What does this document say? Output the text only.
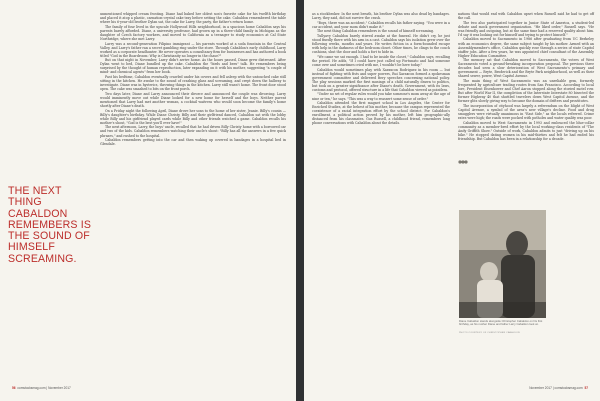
unmentioned whipped cream frosting. Diane had baked her oldest son's favorite cake for his twelfth birthday and placed it atop a plastic, carnation-crystal cake tray before setting the cake. Cabaldon remembered the table where his 6-year-old brother Dylan sat, the cake for Larry, the party, the father's return home.

The family of four lived in the upscale Hollywood Hills neighborhood, in a spacious home Cabaldon says his parents barely afforded. Diane, a university professor, had grown up in a three-child family in Michigan as the daughter of Czech factory workers, and moved to California as a teenager to study economics at Cal State Northridge, where she met Larry.

Larry was a second-generation Filipino immigrant — his parents worked at a soda fountain in the Central Valley, and Larry's father ran a secret gambling ring under the store. Through Cabaldon's early childhood, Larry worked as a corporate headhunter. He never operates a consultancy firm for businesses and has authored a book titled "God in the Boardroom: Why is Christianity no longer in the chase?"

But on that night in November, Larry didn't arrive home. As the hours passed, Diane grew distressed. After Dylan went to bed, Diane bundled up the cake. Cabaldon the "birds and bees" talk. He remembers being surprised by the thought of human reproduction, later expanding on it with his mother, suggesting "a couple of mind- and chemical agents" from her book.

Past his bedtime, Cabaldon eventually crawled under his covers and fell asleep with the untouched cake still sitting in the kitchen. He awoke to the sound of crashing glass and screaming, and crept down the hallway to investigate. Diane was in hysterics, throwing things in the kitchen. Larry still wasn't home. The front door stood open. The cake was smashed to bits on the front porch.

Two days later, Diane and Larry announced their divorce and announced the couple was divorcing. Larry would imminently move out while Diane looked for a new home for herself and the boys. Neither parent mentioned that Larry had met another woman, a cocktail waitress who would soon become the family's home shortly after Diane's death.

On a Friday night the following April, Diane drove her sons to the home of her sister, Jeanie. Billy's cousin — Billy's daughter's birthday. While Diane Christy, Billy and their girlfriend danced, Cabaldon sat with the lobby while Billy and his girlfriend played cards while Billy and other friends watched a game. Cabaldon recalls his mother's shout, "God is the best you'll ever have!"

The next afternoon, Larry, the boys' uncle, recalled that he had driven Billy Christy home with a borrowed car and two of the kids. Cabaldon remembers watching their uncle's shout: "Billy has all the answers in a few quick phrases," and rushed to the hospital.

Cabaldon remembers getting into the car and then waking up covered in bandages in a hospital bed in Glendale.

THE NEXT THING CABALDON REMEMBERS IS THE SOUND OF HIMSELF SCREAMING.
56 comstocksmag.com | November 2017

as a stockbroker. In the next breath, his brother Dylan was also dead by bandages. Larry, they said, did not survive the crash.

"Boys, there was an accident," Cabaldon recalls his father saying. "You were in a car accident, and your mom didn't make it."

The next thing Cabaldon remembers is the sound of himself screaming.

Tullyavy Cabaldon barely stirred awake at the funeral. He didn't cry, he just stood fixedly there with his arm in a cast. Cabaldon says his isolation grew over the following weeks, months and years. He writes fiction in a form-bounded escape with help in the darkness of the bedroom closet. Other times, he clings to the couch cushions, shut the door and holds a fort to hide in.

"We came we sat enough. I had to be inside the closet," Cabaldon says, recalling the period. He adds, "If I could have just called up Fortunato and had someone come over and sometimes cried with me, I wouldn't be here today."

Cabaldon would sometimes play with Xaraxcon Rodriguez in his room — but instead of fighting with fists and super powers, Rui Xaraxcon formed a spokesman government committee and delivered fiery speeches concerning national policy. The play sessions marked the first musings of a child naturally drawn to politics, but took on a greater significance after Diane's death. Government, with its laws, customs and protocol, offered structure in a life that Cabaldon viewed as pointless.

"Under no set of regular rules would you take someone's mom away at the age of nine or ten," he says. "This was a way to reassert some sense of order."

Cabaldon attended the first magnet school in Los Angeles, the Center for Enriched Studies, at the behest of his mother, because the campus represented the coexistence of a racial integration effort by the school district. For Cabaldon's enrollment, a political action proved by his mother, left him geographic-ally distanced from his classmates. Gus Russell, a childhood friend, remembers long phone conversations with Cabaldon about the details.

nations that would end with Cabaldon upset when Russell said he had to get off the call.

The two also participated together in Junior State of America, a student-led debate and mock government organization. "He liked order," Russell says. "He was friendly and outgoing, but at the same time had a reserved quality about him. I'd say it was looking out for himself and trying to protect himself."

Cabaldon moved to Sacramento in 1986 after graduating from UC Berkeley with an economics degree, the same subject taught by his mother. Armed with an Assemblymember's office, Cabaldon quickly rose through a series of state Capitol staffer jobs. After a few years, he was appointed chief consultant of the Assembly Higher Education Committee.

The memory sat that Cabaldon moved to Sacramento, the voters of West Sacramento voted a ground-breaking incorporation proposal. The previous three decades had seen a slow deterioration of West Sacramento's primary and government — Bryte, Broderick and the Bryte Park neighborhood, as well as their shared sewer, power, West Capitol Avenue.

The main thing of West Sacramento was an unreliable gem, formerly frequented by agriculture trading routes from San Francisco. According to local lore, President Eisenhower and Chef Aaron stopped along the storied motel row. But after World War II, the completion of the Interstate Interstate 80 bisected the former Highway 40 that shuttled travelers down West Capitol Avenue, and the former glitz slowly giving way to became the domain of drifters and prostitutes.

The incorporation of cityhood was largely a referendum on the blight of West Capitol Avenue, a symbol of the area's new village's decline. Food and drug smugglers were virtually unanimous in "East Side," as the locals referred. Crime rates were high; the roads were pocked with potholes and water quality was poor.

Cabaldon moved to West Sacramento in 1993 and embraced the blue-collar community as a member-bred effort by the local working-class residents of "The Andy Griffith Show." Outside of work, Cabaldon admits to just "driving up on his bike." He stopped dating women in his mid-thirties and felt he had ended his friendship. But Cabaldon has been in a relationship for a decade.

November 2017 | comstocksmag.com 57
Diane Cabaldon stands alongside Christopher Cabaldon on his first birthday, as his mother Diane and father Larry Cabaldon look on.
PHOTO COURTESY OF CHRISTOPHER CABALDON
